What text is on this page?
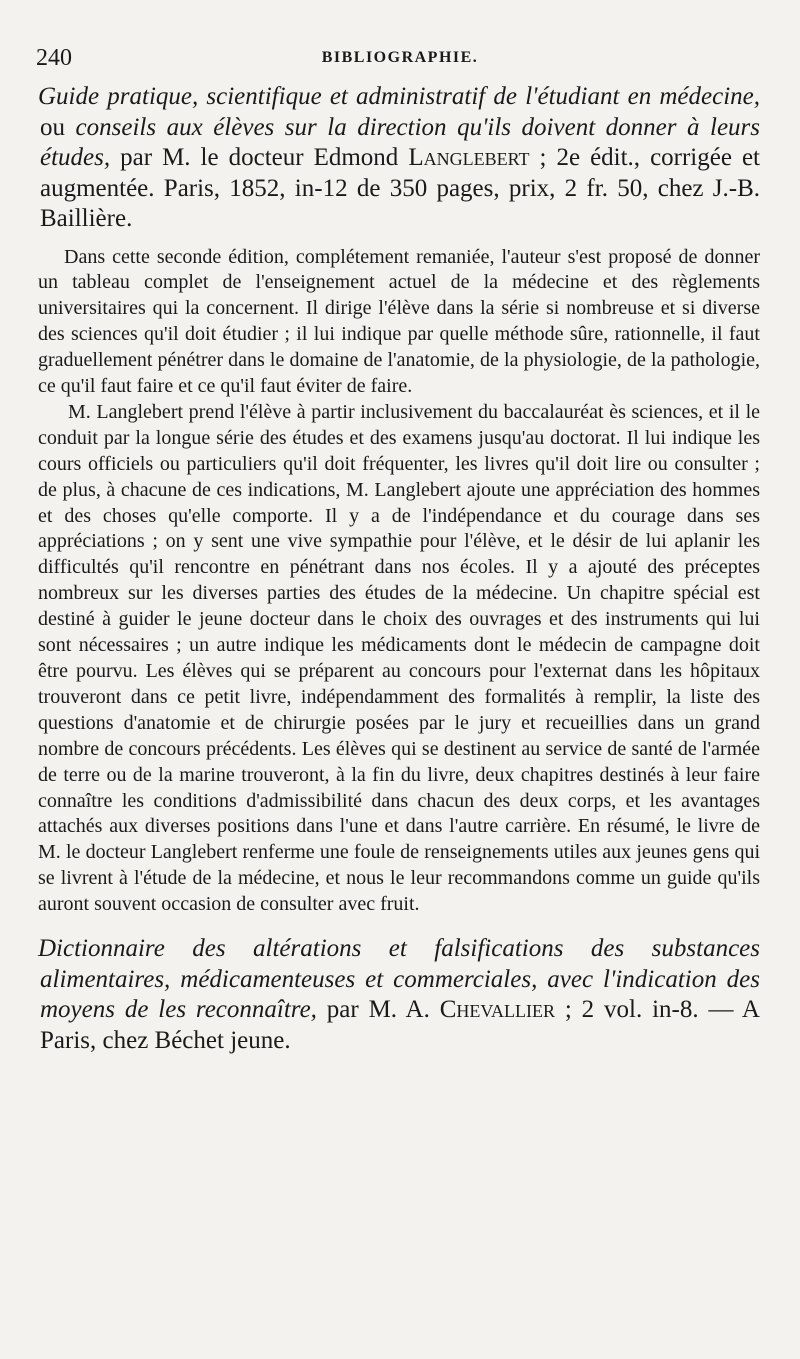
240	BIBLIOGRAPHIE.
Guide pratique, scientifique et administratif de l'étudiant en médecine, ou conseils aux élèves sur la direction qu'ils doivent donner à leurs études, par M. le docteur Edmond Langlebert ; 2e édit., corrigée et augmentée. Paris, 1852, in-12 de 350 pages, prix, 2 fr. 50, chez J.-B. Baillière.

Dans cette seconde édition, complétement remaniée, l'auteur s'est proposé de donner un tableau complet de l'enseignement actuel de la médecine et des règlements universitaires qui la concernent. Il dirige l'élève dans la série si nombreuse et si diverse des sciences qu'il doit étudier ; il lui indique par quelle méthode sûre, rationnelle, il faut graduellement pénétrer dans le domaine de l'anatomie, de la physiologie, de la pathologie, ce qu'il faut faire et ce qu'il faut éviter de faire.

M. Langlebert prend l'élève à partir inclusivement du baccalauréat ès sciences, et il le conduit par la longue série des études et des examens jusqu'au doctorat. Il lui indique les cours officiels ou particuliers qu'il doit fréquenter, les livres qu'il doit lire ou consulter ; de plus, à chacune de ces indications, M. Langlebert ajoute une appréciation des hommes et des choses qu'elle comporte. Il y a de l'indépendance et du courage dans ses appréciations ; on y sent une vive sympathie pour l'élève, et le désir de lui aplanir les difficultés qu'il rencontre en pénétrant dans nos écoles. Il y a ajouté des préceptes nombreux sur les diverses parties des études de la médecine. Un chapitre spécial est destiné à guider le jeune docteur dans le choix des ouvrages et des instruments qui lui sont nécessaires ; un autre indique les médicaments dont le médecin de campagne doit être pourvu. Les élèves qui se préparent au concours pour l'externat dans les hôpitaux trouveront dans ce petit livre, indépendamment des formalités à remplir, la liste des questions d'anatomie et de chirurgie posées par le jury et recueillies dans un grand nombre de concours précédents. Les élèves qui se destinent au service de santé de l'armée de terre ou de la marine trouveront, à la fin du livre, deux chapitres destinés à leur faire connaître les conditions d'admissibilité dans chacun des deux corps, et les avantages attachés aux diverses positions dans l'une et dans l'autre carrière. En résumé, le livre de M. le docteur Langlebert renferme une foule de renseignements utiles aux jeunes gens qui se livrent à l'étude de la médecine, et nous le leur recommandons comme un guide qu'ils auront souvent occasion de consulter avec fruit.

Dictionnaire des altérations et falsifications des substances alimentaires, médicamenteuses et commerciales, avec l'indication des moyens de les reconnaître, par M. A. Chevallier ; 2 vol. in-8. — A Paris, chez Béchet jeune.
